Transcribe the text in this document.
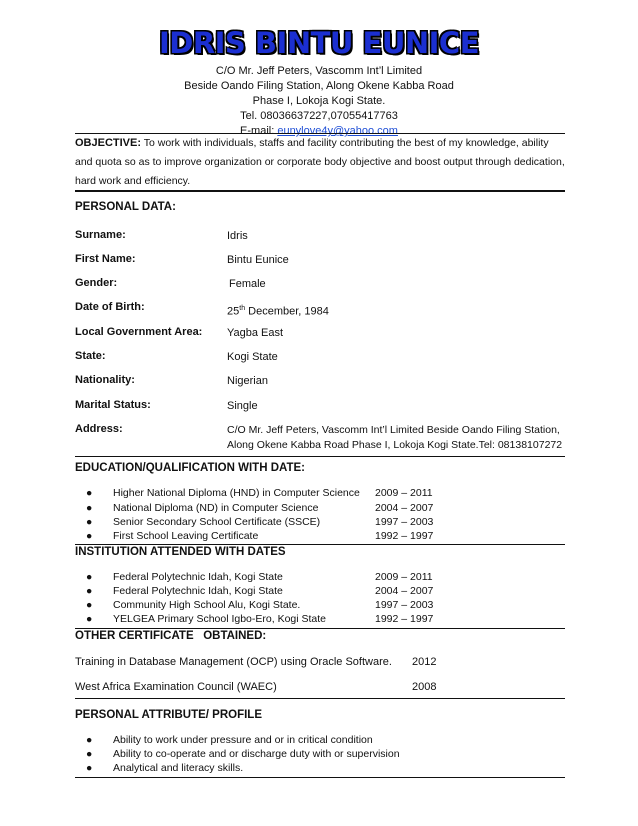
IDRIS BINTU EUNICE
C/O Mr. Jeff Peters, Vascomm Int’l Limited
Beside Oando Filing Station, Along Okene Kabba Road
Phase I, Lokoja Kogi State.
Tel. 08036637227,07055417763
E-mail: eunylove4y@yahoo.com
OBJECTIVE: To work with individuals, staffs and facility contributing the best of my knowledge, ability and quota so as to improve organization or corporate body objective and boost output through dedication, hard work and efficiency.
PERSONAL DATA:
Surname:	Idris
First Name:	Bintu Eunice
Gender:	Female
Date of Birth:	25th December, 1984
Local Government Area: Yagba East
State:	Kogi State
Nationality:	Nigerian
Marital Status:	Single
Address:	C/O Mr. Jeff Peters, Vascomm Int’l Limited Beside Oando Filing Station,
Along Okene Kabba Road Phase I, Lokoja Kogi State.Tel: 08138107272
EDUCATION/QUALIFICATION WITH DATE:
● Higher National Diploma (HND) in Computer Science 2009 – 2011
● National Diploma (ND) in Computer Science	2004 – 2007
● Senior Secondary School Certificate (SSCE)	1997 – 2003
● First School Leaving Certificate	1992 – 1997
INSTITUTION ATTENDED WITH DATES
● Federal Polytechnic Idah, Kogi State	2009 – 2011
● Federal Polytechnic Idah, Kogi State	2004 – 2007
● Community High School Alu, Kogi State.	1997 – 2003
● YELGEA Primary School Igbo-Ero, Kogi State	1992 – 1997
OTHER CERTIFICATE   OBTAINED:
Training in Database Management (OCP) using Oracle Software. 2012
West Africa Examination Council (WAEC)	2008
PERSONAL ATTRIBUTE/ PROFILE
● Ability to work under pressure and or in critical condition
● Ability to co-operate and or discharge duty with or supervision
● Analytical and literacy skills.
